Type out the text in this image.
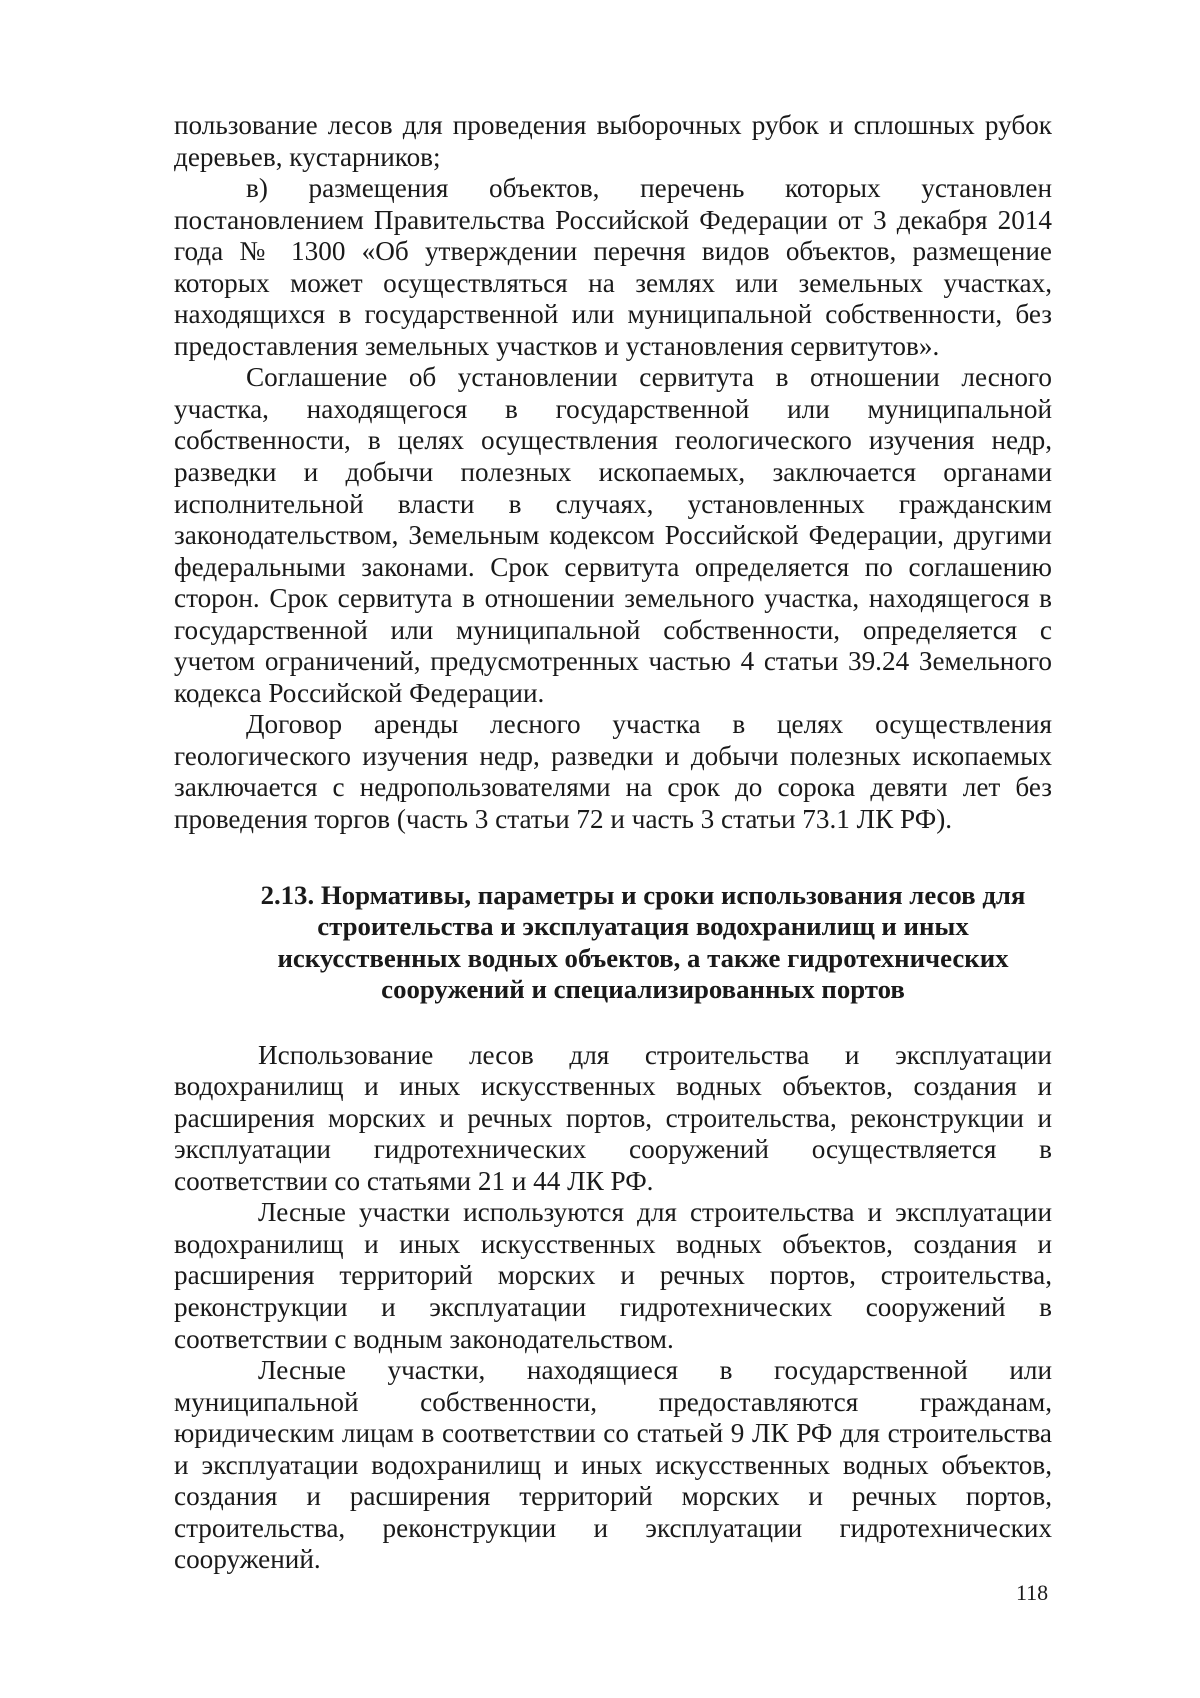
пользование лесов для проведения выборочных рубок и сплошных рубок деревьев, кустарников;

в) размещения объектов, перечень которых установлен постановлением Правительства Российской Федерации от 3 декабря 2014 года № 1300 «Об утверждении перечня видов объектов, размещение которых может осуществляться на землях или земельных участках, находящихся в государственной или муниципальной собственности, без предоставления земельных участков и установления сервитутов».

Соглашение об установлении сервитута в отношении лесного участка, находящегося в государственной или муниципальной собственности, в целях осуществления геологического изучения недр, разведки и добычи полезных ископаемых, заключается органами исполнительной власти в случаях, установленных гражданским законодательством, Земельным кодексом Российской Федерации, другими федеральными законами. Срок сервитута определяется по соглашению сторон. Срок сервитута в отношении земельного участка, находящегося в государственной или муниципальной собственности, определяется с учетом ограничений, предусмотренных частью 4 статьи 39.24 Земельного кодекса Российской Федерации.

Договор аренды лесного участка в целях осуществления геологического изучения недр, разведки и добычи полезных ископаемых заключается с недропользователями на срок до сорока девяти лет без проведения торгов (часть 3 статьи 72 и часть 3 статьи 73.1 ЛК РФ).

2.13. Нормативы, параметры и сроки использования лесов для
строительства и эксплуатация водохранилищ и иных
искусственных водных объектов, а также гидротехнических
сооружений и специализированных портов

Использование лесов для строительства и эксплуатации водохранилищ и иных искусственных водных объектов, создания и расширения морских и речных портов, строительства, реконструкции и эксплуатации гидротехнических сооружений осуществляется в соответствии со статьями 21 и 44 ЛК РФ.

Лесные участки используются для строительства и эксплуатации водохранилищ и иных искусственных водных объектов, создания и расширения территорий морских и речных портов, строительства, реконструкции и эксплуатации гидротехнических сооружений в соответствии с водным законодательством.

Лесные участки, находящиеся в государственной или муниципальной собственности, предоставляются гражданам, юридическим лицам в соответствии со статьей 9 ЛК РФ для строительства и эксплуатации водохранилищ и иных искусственных водных объектов, создания и расширения территорий морских и речных портов, строительства, реконструкции и эксплуатации гидротехнических сооружений.

118
